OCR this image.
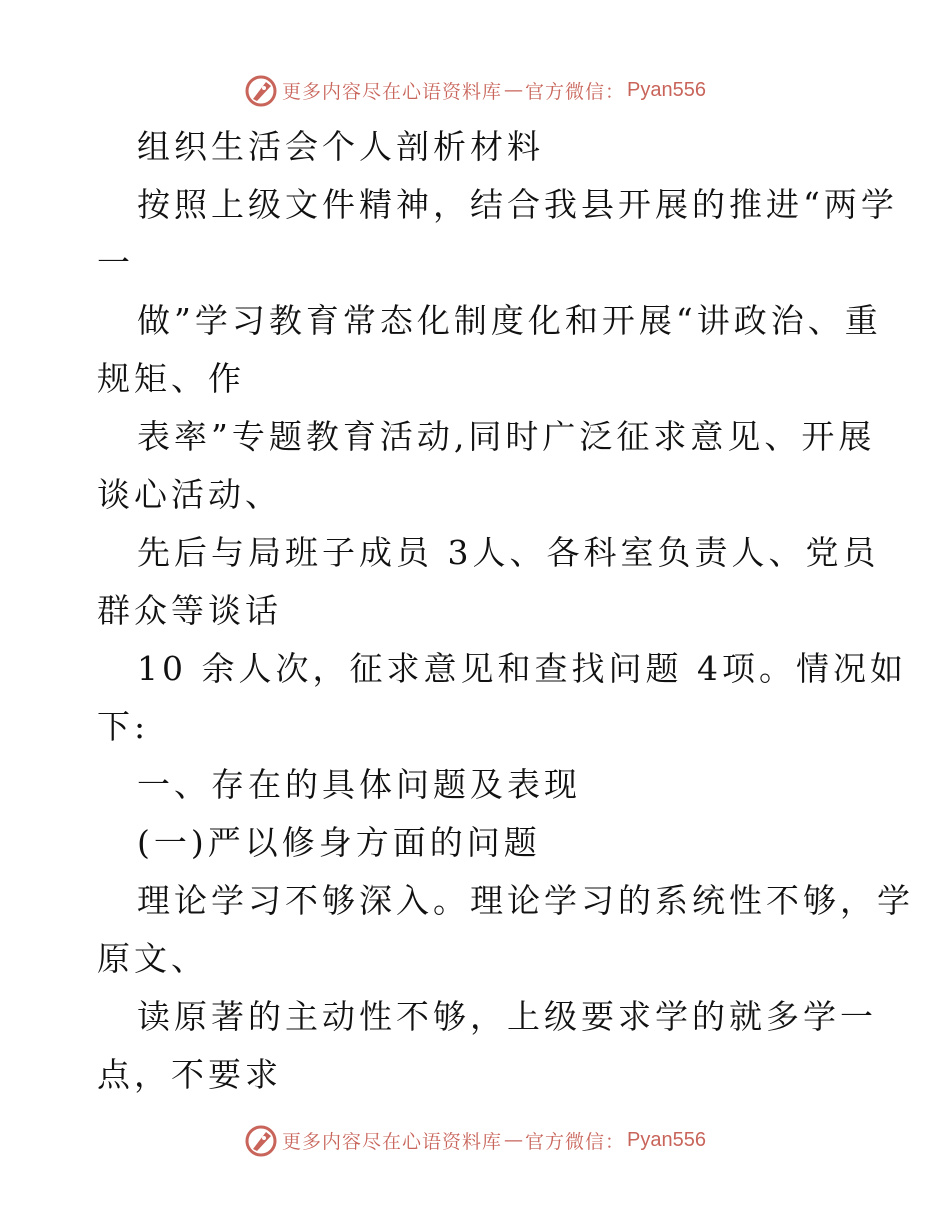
更多内容尽在心语资料库 — 官方微信： Pyan556
组织生活会个人剖析材料
按照上级文件精神，结合我县开展的推进“两学
一
做”学习教育常态化制度化和开展“讲政治、重
规矩、作
表率”专题教育活动,同时广泛征求意见、开展
谈心活动、
先后与局班子成员 3人、各科室负责人、党员
群众等谈话
10 余人次，征求意见和查找问题 4项。情况如
下:
一、存在的具体问题及表现
(一)严以修身方面的问题
理论学习不够深入。理论学习的系统性不够，学
原文、
读原著的主动性不够，上级要求学的就多学一
点，不要求
更多内容尽在心语资料库 — 官方微信： Pyan556
